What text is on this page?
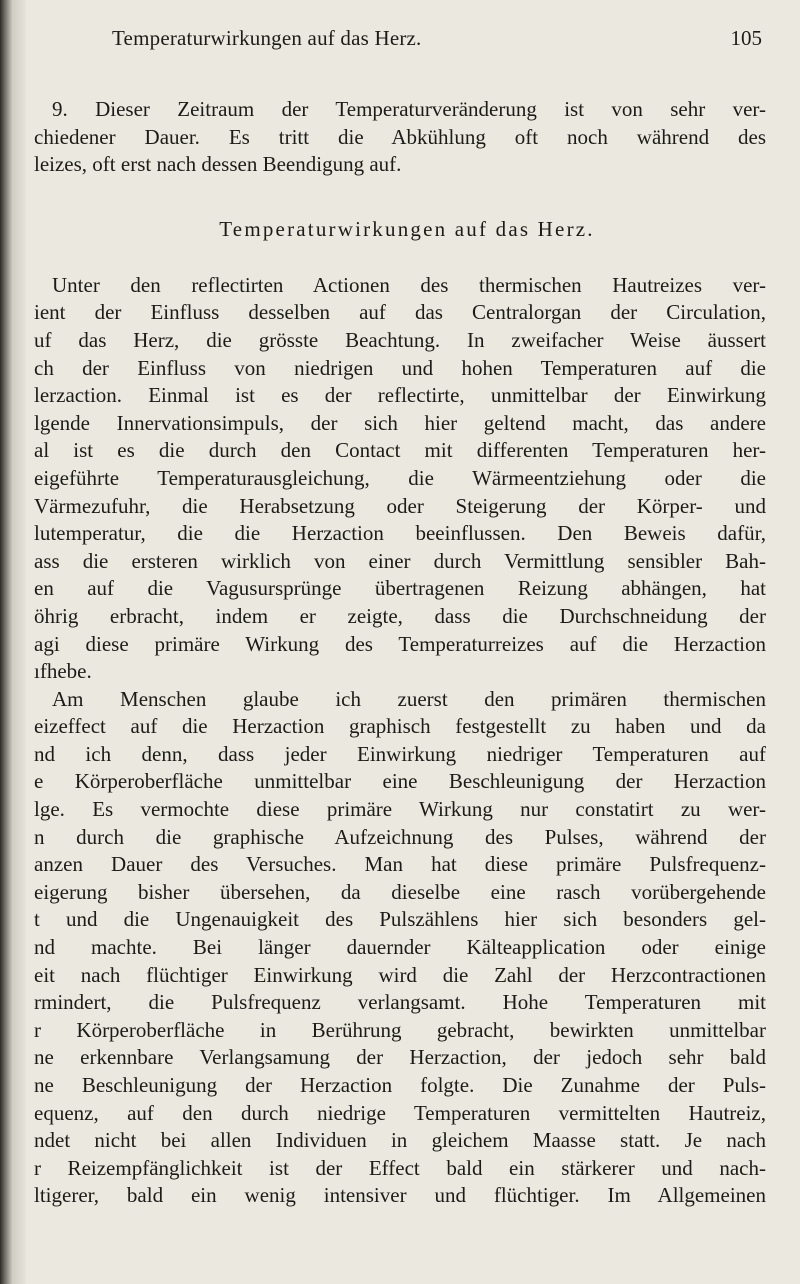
Temperaturwirkungen auf das Herz.	105

9. Dieser Zeitraum der Temperaturveränderung ist von sehr ver-
chiedener Dauer. Es tritt die Abkühlung oft noch während des
leizes, oft erst nach dessen Beendigung auf.

Temperaturwirkungen auf das Herz.

Unter den reflectirten Actionen des thermischen Hautreizes ver-
ient der Einfluss desselben auf das Centralorgan der Circulation,
uf das Herz, die grösste Beachtung. In zweifacher Weise äussert
ch der Einfluss von niedrigen und hohen Temperaturen auf die
lerzaction. Einmal ist es der reflectirte, unmittelbar der Einwirkung
lgende Innervationsimpuls, der sich hier geltend macht, das andere
al ist es die durch den Contact mit differenten Temperaturen her-
eigeführte Temperaturausgleichung, die Wärmeentziehung oder die
Värmezufuhr, die Herabsetzung oder Steigerung der Körper- und
lutemperatur, die die Herzaction beeinflussen. Den Beweis dafür,
ass die ersteren wirklich von einer durch Vermittlung sensibler Bah-
en auf die Vagusursprünge übertragenen Reizung abhängen, hat
öhrig erbracht, indem er zeigte, dass die Durchschneidung der
agi diese primäre Wirkung des Temperaturreizes auf die Herzaction
ıfhebe.

Am Menschen glaube ich zuerst den primären thermischen
eizeffect auf die Herzaction graphisch festgestellt zu haben und da
nd ich denn, dass jeder Einwirkung niedriger Temperaturen auf
e Körperoberfläche unmittelbar eine Beschleunigung der Herzaction
lge. Es vermochte diese primäre Wirkung nur constatirt zu wer-
n durch die graphische Aufzeichnung des Pulses, während der
anzen Dauer des Versuches. Man hat diese primäre Pulsfrequenz-
eigerung bisher übersehen, da dieselbe eine rasch vorübergehende
t und die Ungenauigkeit des Pulszählens hier sich besonders gel-
nd machte. Bei länger dauernder Kälteapplication oder einige
eit nach flüchtiger Einwirkung wird die Zahl der Herzcontractionen
rmindert, die Pulsfrequenz verlangsamt. Hohe Temperaturen mit
r Körperoberfläche in Berührung gebracht, bewirkten unmittelbar
ne erkennbare Verlangsamung der Herzaction, der jedoch sehr bald
ne Beschleunigung der Herzaction folgte. Die Zunahme der Puls-
equenz, auf den durch niedrige Temperaturen vermittelten Hautreiz,
ndet nicht bei allen Individuen in gleichem Maasse statt. Je nach
r Reizempfänglichkeit ist der Effect bald ein stärkerer und nach-
ltigerer, bald ein wenig intensiver und flüchtiger. Im Allgemeinen
